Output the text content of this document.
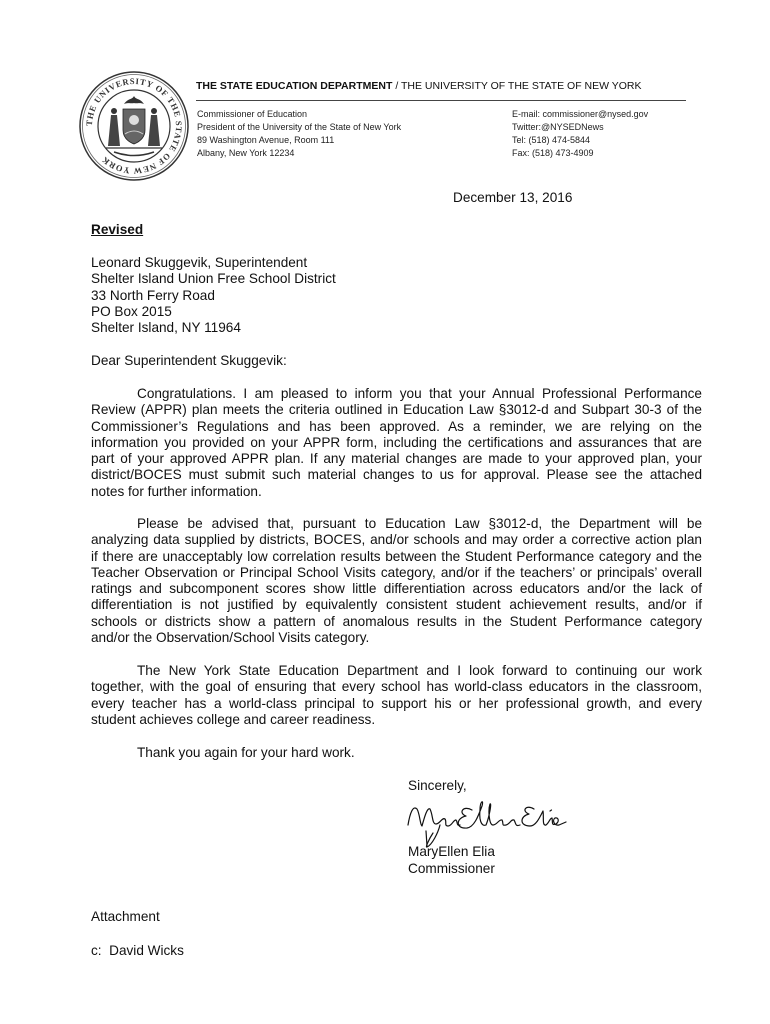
THE UNIVERSITY OF THE STATE OF NEW YORK
THE STATE EDUCATION DEPARTMENT / THE UNIVERSITY OF THE STATE OF NEW YORK
Commissioner of Education
President of the University of the State of New York
89 Washington Avenue, Room 111
Albany, New York 12234
E-mail: commissioner@nysed.gov
Twitter:@NYSEDNews
Tel: (518) 474-5844
Fax: (518) 473-4909
December 13, 2016
Revised
Leonard Skuggevik, Superintendent
Shelter Island Union Free School District
33 North Ferry Road
PO Box 2015
Shelter Island, NY 11964
Dear Superintendent Skuggevik:
Congratulations. I am pleased to inform you that your Annual Professional Performance
Review (APPR) plan meets the criteria outlined in Education Law §3012-d and Subpart 30-3 of the
Commissioner’s Regulations and has been approved. As a reminder, we are relying on the
information you provided on your APPR form, including the certifications and assurances that are
part of your approved APPR plan. If any material changes are made to your approved plan, your
district/BOCES must submit such material changes to us for approval. Please see the attached
notes for further information.
Please be advised that, pursuant to Education Law §3012-d, the Department will be
analyzing data supplied by districts, BOCES, and/or schools and may order a corrective action plan
if there are unacceptably low correlation results between the Student Performance category and the
Teacher Observation or Principal School Visits category, and/or if the teachers’ or principals’ overall
ratings and subcomponent scores show little differentiation across educators and/or the lack of
differentiation is not justified by equivalently consistent student achievement results, and/or if
schools or districts show a pattern of anomalous results in the Student Performance category
and/or the Observation/School Visits category.
The New York State Education Department and I look forward to continuing our work
together, with the goal of ensuring that every school has world-class educators in the classroom,
every teacher has a world-class principal to support his or her professional growth, and every
student achieves college and career readiness.
Thank you again for your hard work.
Sincerely,
MaryEllen Elia
Commissioner
Attachment
c:  David Wicks
